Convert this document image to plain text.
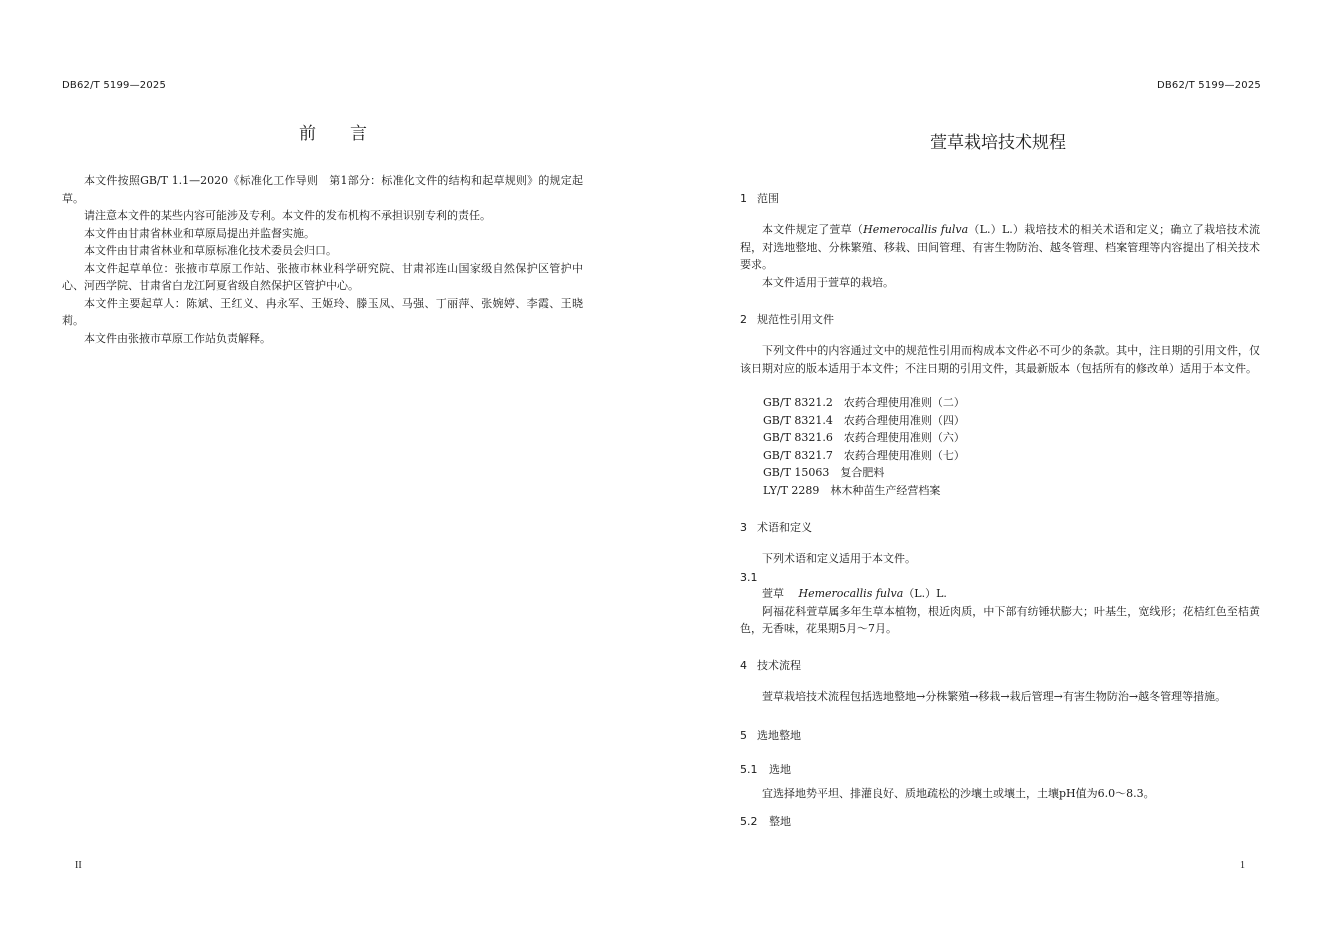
DB62/T 5199—2025
前　　言

本文件按照GB/T 1.1—2020《标准化工作导则　第1部分：标准化文件的结构和起草规则》的规定起草。

请注意本文件的某些内容可能涉及专利。本文件的发布机构不承担识别专利的责任。

本文件由甘肃省林业和草原局提出并监督实施。

本文件由甘肃省林业和草原标准化技术委员会归口。

本文件起草单位：张掖市草原工作站、张掖市林业科学研究院、甘肃祁连山国家级自然保护区管护中心、河西学院、甘肃省白龙江阿夏省级自然保护区管护中心。

本文件主要起草人：陈斌、王红义、冉永军、王姬玲、滕玉凤、马强、丁丽萍、张婉婷、李霞、王晓莉。

本文件由张掖市草原工作站负责解释。

II
DB62/T 5199—2025
萱草栽培技术规程
1 范围

本文件规定了萱草（Hemerocallis fulva（L.）L.）栽培技术的相关术语和定义；确立了栽培技术流程，对选地整地、分株繁殖、移栽、田间管理、有害生物防治、越冬管理、档案管理等内容提出了相关技术要求。

本文件适用于萱草的栽培。

2 规范性引用文件

下列文件中的内容通过文中的规范性引用而构成本文件必不可少的条款。其中，注日期的引用文件，仅该日期对应的版本适用于本文件；不注日期的引用文件，其最新版本（包括所有的修改单）适用于本文件。

GB/T 8321.2　农药合理使用准则（二）
GB/T 8321.4　农药合理使用准则（四）
GB/T 8321.6　农药合理使用准则（六）
GB/T 8321.7　农药合理使用准则（七）
GB/T 15063　复合肥料
LY/T 2289　林木种苗生产经营档案
3 术语和定义

下列术语和定义适用于本文件。

3.1

萱草　 Hemerocallis fulva（L.）L.

阿福花科萱草属多年生草本植物，根近肉质，中下部有纺锤状膨大；叶基生，宽线形；花桔红色至桔黄色，无香味，花果期5月～7月。

4 技术流程

萱草栽培技术流程包括选地整地→分株繁殖→移栽→栽后管理→有害生物防治→越冬管理等措施。

5 选地整地
5.1 选地

宜选择地势平坦、排灌良好、质地疏松的沙壤土或壤土，土壤pH值为6.0～8.3。

5.2 整地
1
